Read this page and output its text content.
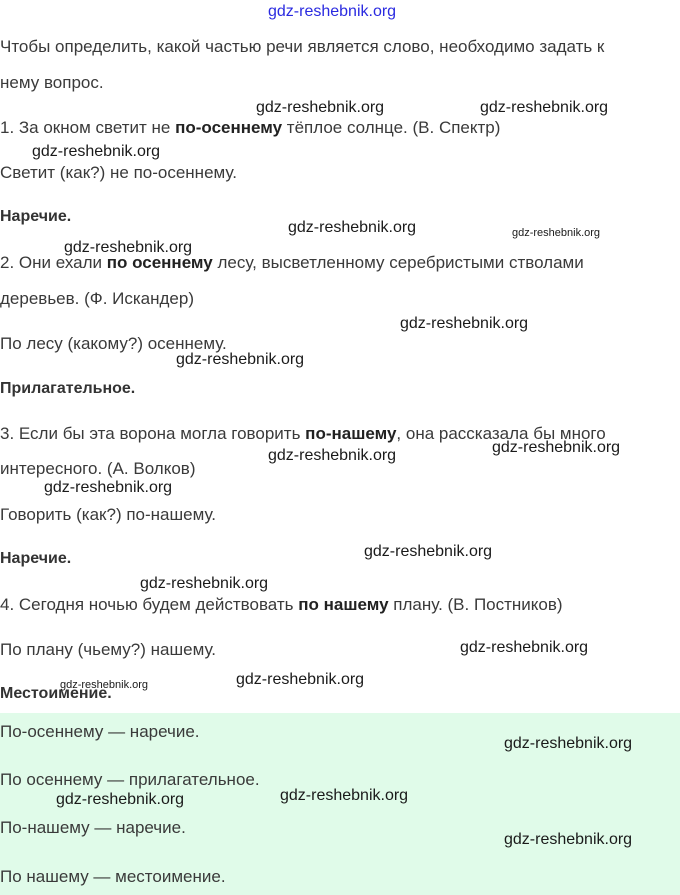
gdz-reshebnik.org
Чтобы определить, какой частью речи является слово, необходимо задать к
нему вопрос.
1. За окном светит не по-осеннему тёплое солнце. (В. Спектр)
Светит (как?) не по-осеннему.
Наречие.
2. Они ехали по осеннему лесу, высветленному серебристыми стволами
деревьев. (Ф. Искандер)
По лесу (какому?) осеннему.
Прилагательное.
3. Если бы эта ворона могла говорить по-нашему, она рассказала бы много
интересного. (А. Волков)
Говорить (как?) по-нашему.
Наречие.
4. Сегодня ночью будем действовать по нашему плану. (В. Постников)
По плану (чьему?) нашему.
Местоимение.
По-осеннему — наречие.
По осеннему — прилагательное.
По-нашему — наречие.
По нашему — местоимение.
gdz-reshebnik.org	gdz-reshebnik.org
gdz-reshebnik.org
gdz-reshebnik.org	gdz-reshebnik.org
gdz-reshebnik.org
gdz-reshebnik.org
gdz-reshebnik.org
gdz-reshebnik.org
gdz-reshebnik.org
gdz-reshebnik.org
gdz-reshebnik.org
gdz-reshebnik.org
gdz-reshebnik.org
gdz-reshebnik.org	gdz-reshebnik.org
gdz-reshebnik.org
gdz-reshebnik.org	gdz-reshebnik.org
gdz-reshebnik.org
